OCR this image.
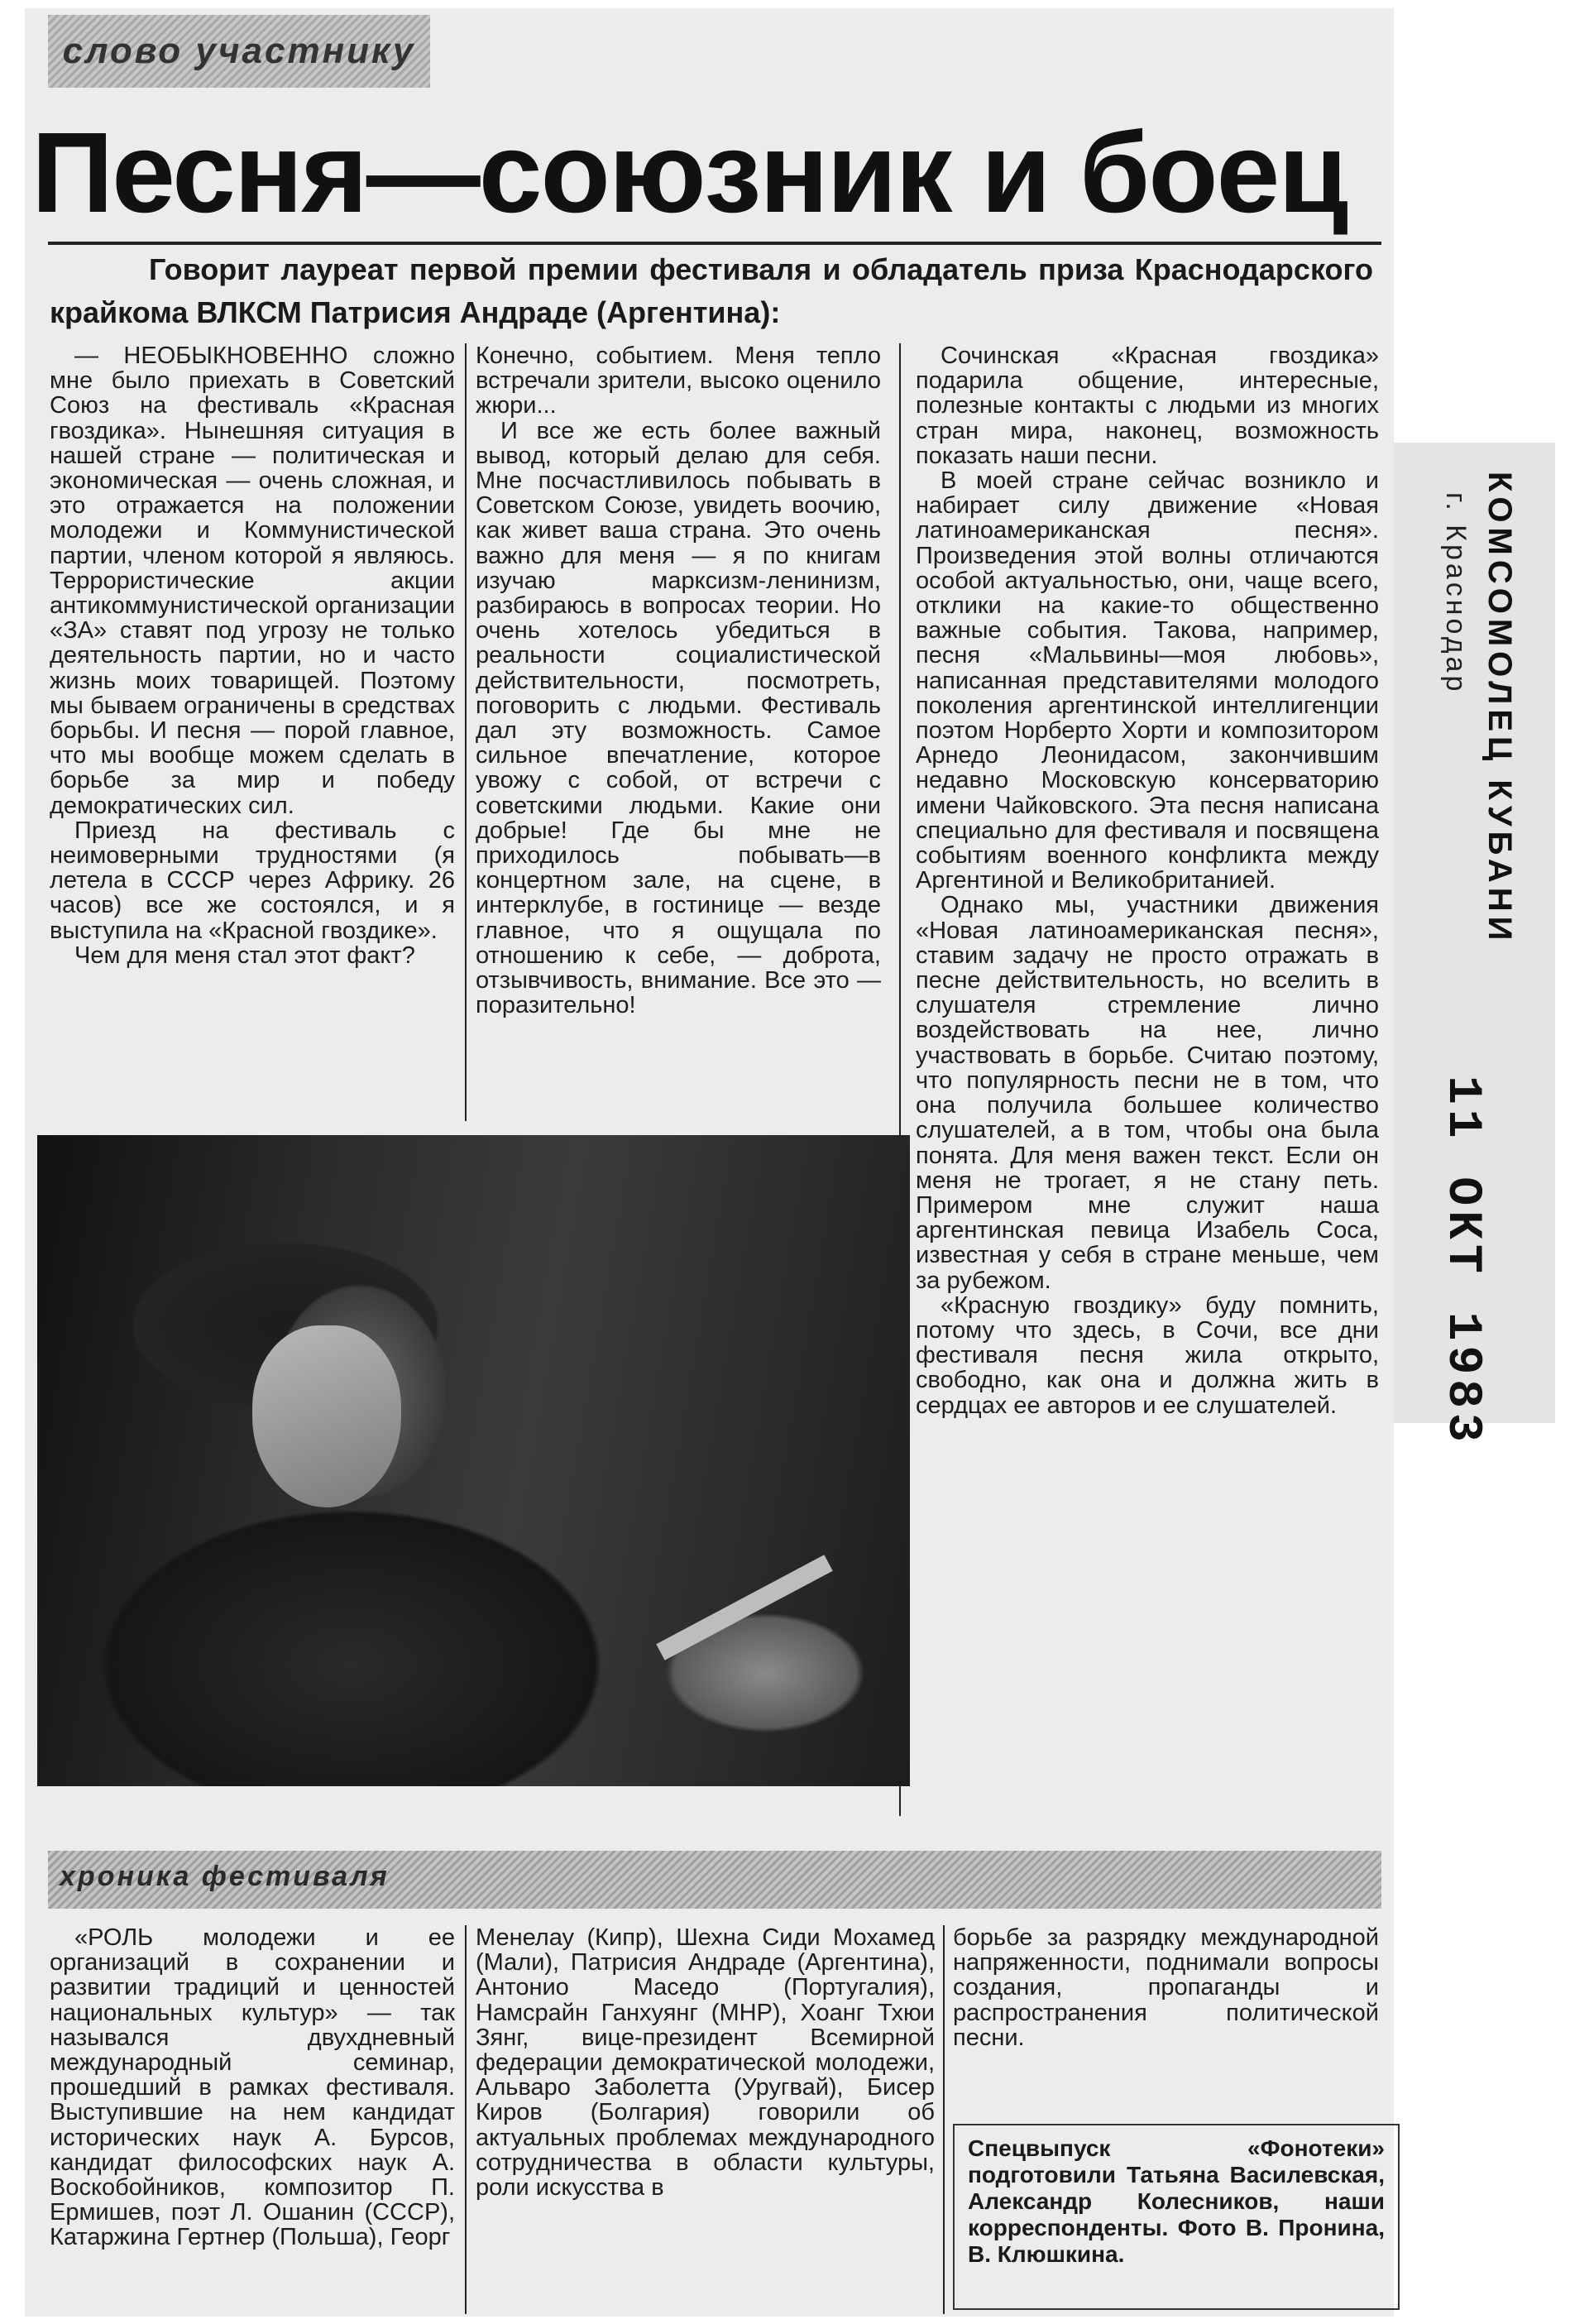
слово участнику
Песня—союзник и боец
Говорит лауреат первой премии фестиваля и обладатель приза Краснодарского крайкома ВЛКСМ Патрисия Андраде (Аргентина):

— НЕОБЫКНОВЕННО сложно мне было приехать в Советский Союз на фестиваль «Красная гвоздика». Нынешняя ситуация в нашей стране — политическая и экономическая — очень сложная, и это отражается на положении молодежи и Коммунистической партии, членом которой я являюсь. Террористические акции антикоммунистической организации «ЗА» ставят под угрозу не только деятельность партии, но и часто жизнь моих товарищей. Поэтому мы бываем ограничены в средствах борьбы. И песня — порой главное, что мы вообще можем сделать в борьбе за мир и победу демократических сил.

Приезд на фестиваль с неимоверными трудностями (я летела в СССР через Африку. 26 часов) все же состоялся, и я выступила на «Красной гвоздике».

Чем для меня стал этот факт?

Конечно, событием. Меня тепло встречали зрители, высоко оценило жюри...

И все же есть более важный вывод, который делаю для себя. Мне посчастливилось побывать в Советском Союзе, увидеть воочию, как живет ваша страна. Это очень важно для меня — я по книгам изучаю марксизм-ленинизм, разбираюсь в вопросах теории. Но очень хотелось убедиться в реальности социалистической действительности, посмотреть, поговорить с людьми. Фестиваль дал эту возможность. Самое сильное впечатление, которое увожу с собой, от встречи с советскими людьми. Какие они добрые! Где бы мне не приходилось побывать—в концертном зале, на сцене, в интерклубе, в гостинице — везде главное, что я ощущала по отношению к себе, — доброта, отзывчивость, внимание. Все это — поразительно!

Сочинская «Красная гвоздика» подарила общение, интересные, полезные контакты с людьми из многих стран мира, наконец, возможность показать наши песни.

В моей стране сейчас возникло и набирает силу движение «Новая латиноамериканская песня». Произведения этой волны отличаются особой актуальностью, они, чаще всего, отклики на какие-то общественно важные события. Такова, например, песня «Мальвины—моя любовь», написанная представителями молодого поколения аргентинской интеллигенции поэтом Норберто Хорти и композитором Арнедо Леонидасом, закончившим недавно Московскую консерваторию имени Чайковского. Эта песня написана специально для фестиваля и посвящена событиям военного конфликта между Аргентиной и Великобританией.

Однако мы, участники движения «Новая латиноамериканская песня», ставим задачу не просто отражать в песне действительность, но вселить в слушателя стремление лично воздействовать на нее, лично участвовать в борьбе. Считаю поэтому, что популярность песни не в том, что она получила большее количество слушателей, а в том, чтобы она была понята. Для меня важен текст. Если он меня не трогает, я не стану петь. Примером мне служит наша аргентинская певица Изабель Соса, известная у себя в стране меньше, чем за рубежом.

«Красную гвоздику» буду помнить, потому что здесь, в Сочи, все дни фестиваля песня жила открыто, свободно, как она и должна жить в сердцах ее авторов и ее слушателей.

хроника фестиваля

«РОЛЬ молодежи и ее организаций в сохранении и развитии традиций и ценностей национальных культур» — так назывался двухдневный международный семинар, прошедший в рамках фестиваля. Выступившие на нем кандидат исторических наук А. Бурсов, кандидат философских наук А. Воскобойников, композитор П. Ермишев, поэт Л. Ошанин (СССР), Катаржина Гертнер (Польша), Георг

Менелау (Кипр), Шехна Сиди Мохамед (Мали), Патрисия Андраде (Аргентина), Антонио Маседо (Португалия), Намсрайн Ганхуянг (МНР), Хоанг Тхюи Зянг, вице-президент Всемирной федерации демократической молодежи, Альваро Заболетта (Уругвай), Бисер Киров (Болгария) говорили об актуальных проблемах международного сотрудничества в области культуры, роли искусства в

борьбе за разрядку международной напряженности, поднимали вопросы создания, пропаганды и распространения политической песни.

Спецвыпуск «Фонотеки» подготовили Татьяна Василевская, Александр Колесников, наши корреспонденты. Фото В. Пронина, В. Клюшкина.
КОМСОМОЛЕЦ КУБАНИ
г. Краснодар
11 ОКТ 1983
